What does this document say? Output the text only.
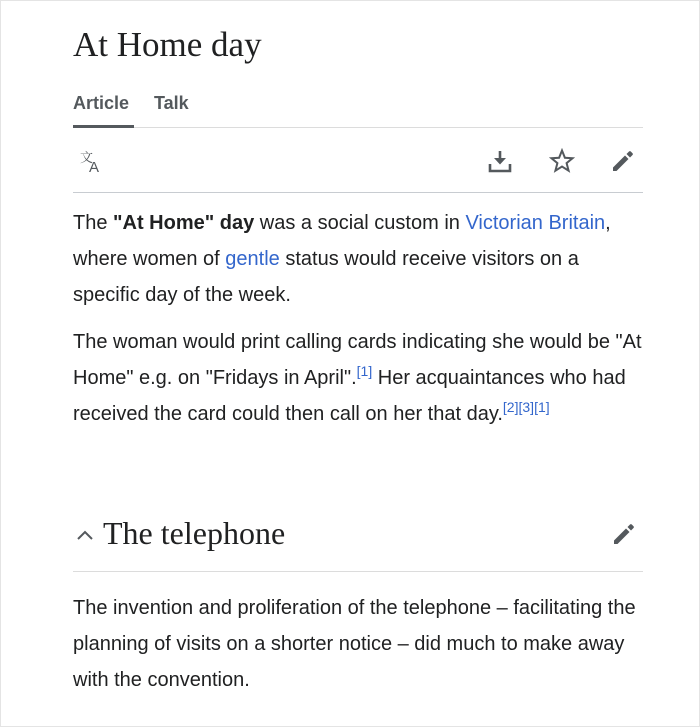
At Home day
Article Talk
文
A

The "At Home" day was a social custom in Victorian Britain, where women of gentle status would receive visitors on a specific day of the week.

The woman would print calling cards indicating she would be "At Home" e.g. on "Fridays in April".[1] Her acquaintances who had received the card could then call on her that day.[2][3][1]

The telephone

The invention and proliferation of the telephone – facilitating the planning of visits on a shorter notice – did much to make away with the convention.
